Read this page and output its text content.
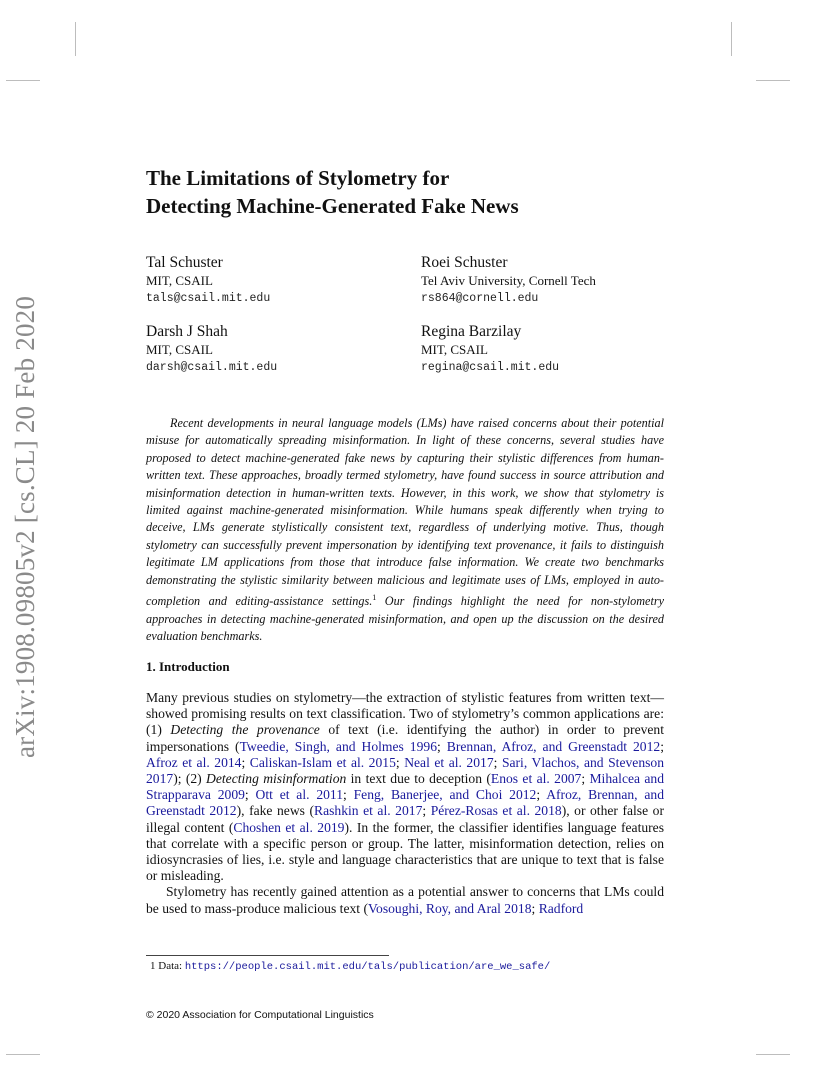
arXiv:1908.09805v2 [cs.CL] 20 Feb 2020
The Limitations of Stylometry for
Detecting Machine-Generated Fake News
Tal Schuster
MIT, CSAIL
tals@csail.mit.edu
Roei Schuster
Tel Aviv University, Cornell Tech
rs864@cornell.edu
Darsh J Shah
MIT, CSAIL
darsh@csail.mit.edu
Regina Barzilay
MIT, CSAIL
regina@csail.mit.edu

Recent developments in neural language models (LMs) have raised concerns about their potential misuse for automatically spreading misinformation. In light of these concerns, several studies have proposed to detect machine-generated fake news by capturing their stylistic differences from human-written text. These approaches, broadly termed stylometry, have found success in source attribution and misinformation detection in human-written texts. However, in this work, we show that stylometry is limited against machine-generated misinformation. While humans speak differently when trying to deceive, LMs generate stylistically consistent text, regardless of underlying motive. Thus, though stylometry can successfully prevent impersonation by identifying text provenance, it fails to distinguish legitimate LM applications from those that introduce false information. We create two benchmarks demonstrating the stylistic similarity between malicious and legitimate uses of LMs, employed in auto-completion and editing-assistance settings.$^1$ Our findings highlight the need for non-stylometry approaches in detecting machine-generated misinformation, and open up the discussion on the desired evaluation benchmarks.

1. Introduction

Many previous studies on stylometry—the extraction of stylistic features from written text—showed promising results on text classification. Two of stylometry’s common applications are: (1) Detecting the provenance of text (i.e. identifying the author) in order to prevent impersonations (Tweedie, Singh, and Holmes 1996; Brennan, Afroz, and Greenstadt 2012; Afroz et al. 2014; Caliskan-Islam et al. 2015; Neal et al. 2017; Sari, Vlachos, and Stevenson 2017); (2) Detecting misinformation in text due to deception (Enos et al. 2007; Mihalcea and Strapparava 2009; Ott et al. 2011; Feng, Banerjee, and Choi 2012; Afroz, Brennan, and Greenstadt 2012), fake news (Rashkin et al. 2017; Pérez-Rosas et al. 2018), or other false or illegal content (Choshen et al. 2019). In the former, the classifier identifies language features that correlate with a specific person or group. The latter, misinformation detection, relies on idiosyncrasies of lies, i.e. style and language characteristics that are unique to text that is false or misleading.

Stylometry has recently gained attention as a potential answer to concerns that LMs could be used to mass-produce malicious text (Vosoughi, Roy, and Aral 2018; Radford

1 Data: https://people.csail.mit.edu/tals/publication/are_we_safe/
© 2020 Association for Computational Linguistics
